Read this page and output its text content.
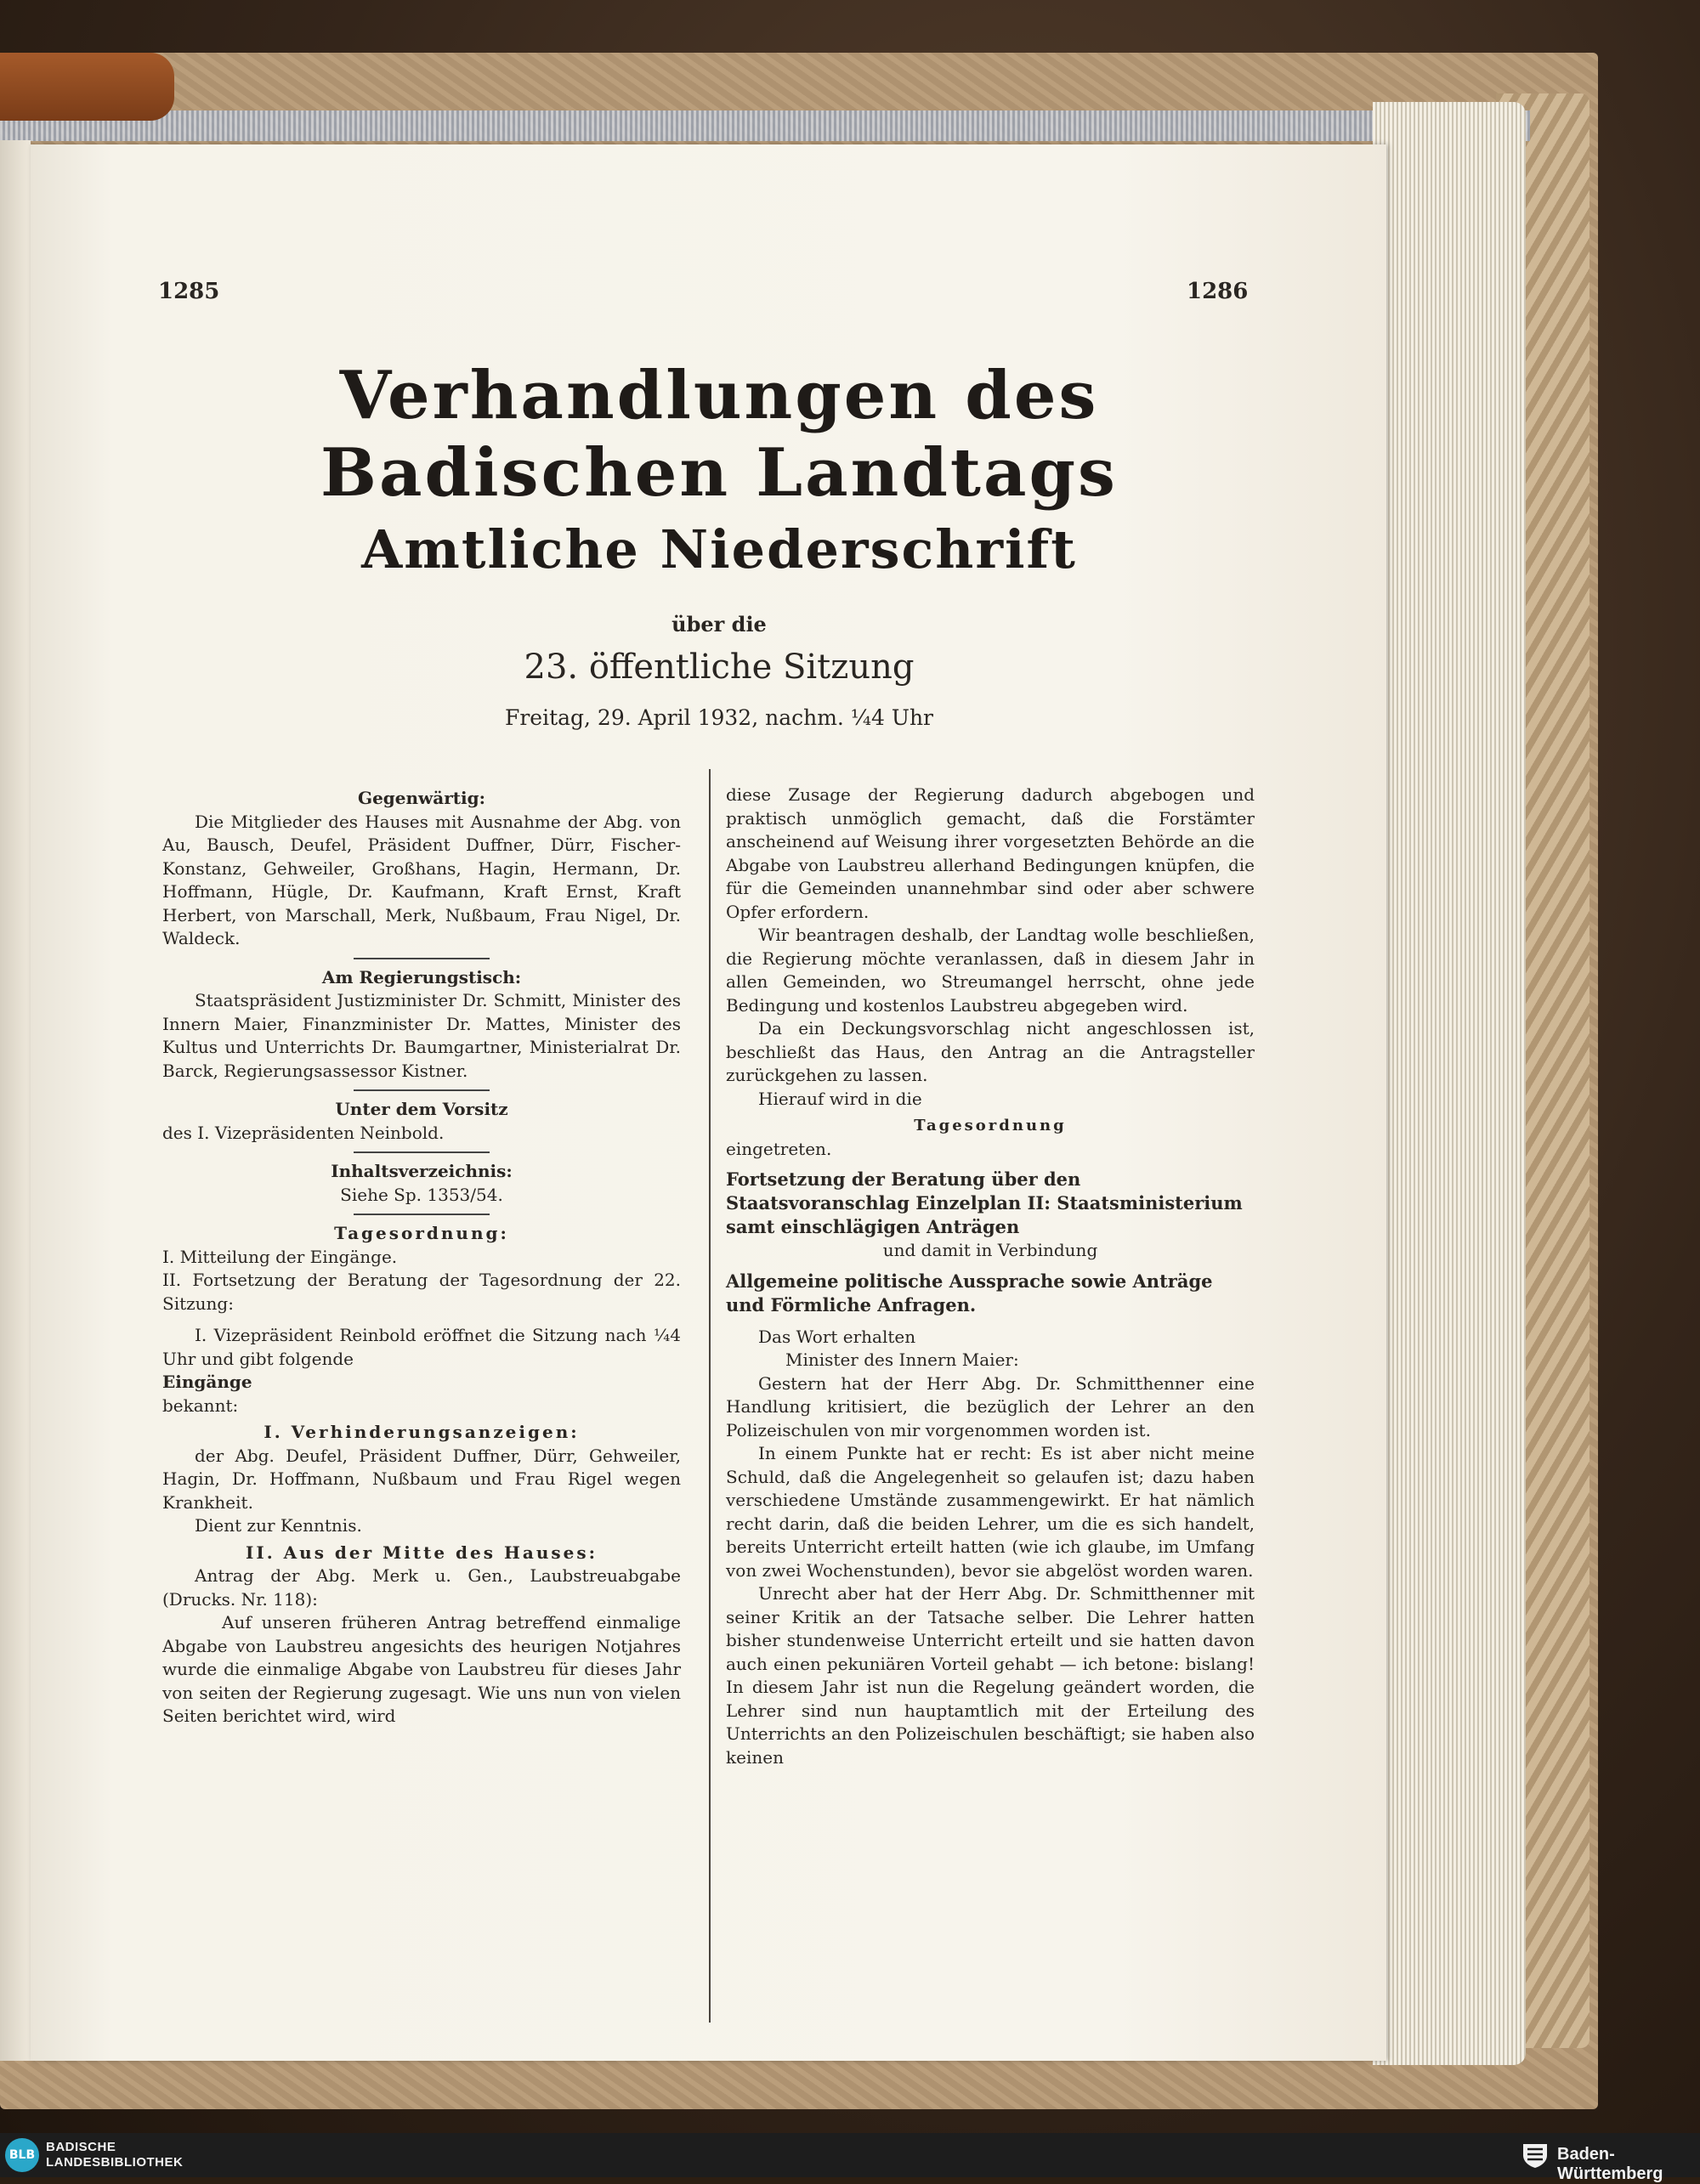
1285	1286
Verhandlungen des Badischen Landtags
Amtliche Niederschrift
über die
23. öffentliche Sitzung
Freitag, 29. April 1932, nachm. ¼4 Uhr

Gegenwärtig:

Die Mitglieder des Hauses mit Ausnahme der Abg. von Au, Bausch, Deufel, Präsident Duffner, Dürr, Fischer-Konstanz, Gehweiler, Großhans, Hagin, Hermann, Dr. Hoffmann, Hügle, Dr. Kaufmann, Kraft Ernst, Kraft Herbert, von Marschall, Merk, Nußbaum, Frau Nigel, Dr. Waldeck.

Am Regierungstisch:

Staatspräsident Justizminister Dr. Schmitt, Minister des Innern Maier, Finanzminister Dr. Mattes, Minister des Kultus und Unterrichts Dr. Baumgartner, Ministerialrat Dr. Barck, Regierungsassessor Kistner.

Unter dem Vorsitz

des I. Vizepräsidenten Neinbold.

Inhaltsverzeichnis:

Siehe Sp. 1353/54.

Tagesordnung:

I. Mitteilung der Eingänge.

II. Fortsetzung der Beratung der Tagesordnung der 22. Sitzung:

I. Vizepräsident Reinbold eröffnet die Sitzung nach ¼4 Uhr und gibt folgende

Eingänge

bekannt:

I. Verhinderungsanzeigen:

der Abg. Deufel, Präsident Duffner, Dürr, Gehweiler, Hagin, Dr. Hoffmann, Nußbaum und Frau Rigel wegen Krankheit.

Dient zur Kenntnis.

II. Aus der Mitte des Hauses:

Antrag der Abg. Merk u. Gen., Laubstreuabgabe (Drucks. Nr. 118):

Auf unseren früheren Antrag betreffend einmalige Abgabe von Laubstreu angesichts des heurigen Notjahres wurde die einmalige Abgabe von Laubstreu für dieses Jahr von seiten der Regierung zugesagt. Wie uns nun von vielen Seiten berichtet wird, wird

diese Zusage der Regierung dadurch abgebogen und praktisch unmöglich gemacht, daß die Forstämter anscheinend auf Weisung ihrer vorgesetzten Behörde an die Abgabe von Laubstreu allerhand Bedingungen knüpfen, die für die Gemeinden unannehmbar sind oder aber schwere Opfer erfordern.

Wir beantragen deshalb, der Landtag wolle beschließen, die Regierung möchte veranlassen, daß in diesem Jahr in allen Gemeinden, wo Streumangel herrscht, ohne jede Bedingung und kostenlos Laubstreu abgegeben wird.

Da ein Deckungsvorschlag nicht angeschlossen ist, beschließt das Haus, den Antrag an die Antragsteller zurückgehen zu lassen.

Hierauf wird in die

Tagesordnung

eingetreten.

Fortsetzung der Beratung über den Staatsvoranschlag Einzelplan II: Staatsministerium samt einschlägigen Anträgen

und damit in Verbindung

Allgemeine politische Aussprache sowie Anträge und Förmliche Anfragen.

Das Wort erhalten

Minister des Innern Maier:

Gestern hat der Herr Abg. Dr. Schmitthenner eine Handlung kritisiert, die bezüglich der Lehrer an den Polizeischulen von mir vorgenommen worden ist.

In einem Punkte hat er recht: Es ist aber nicht meine Schuld, daß die Angelegenheit so gelaufen ist; dazu haben verschiedene Umstände zusammengewirkt. Er hat nämlich recht darin, daß die beiden Lehrer, um die es sich handelt, bereits Unterricht erteilt hatten (wie ich glaube, im Umfang von zwei Wochenstunden), bevor sie abgelöst worden waren.

Unrecht aber hat der Herr Abg. Dr. Schmitthenner mit seiner Kritik an der Tatsache selber. Die Lehrer hatten bisher stundenweise Unterricht erteilt und sie hatten davon auch einen pekuniären Vorteil gehabt — ich betone: bislang! In diesem Jahr ist nun die Regelung geändert worden, die Lehrer sind nun hauptamtlich mit der Erteilung des Unterrichts an den Polizeischulen beschäftigt; sie haben also keinen

BLB
BADISCHE
LANDESBIBLIOTHEK	Baden-Württemberg
